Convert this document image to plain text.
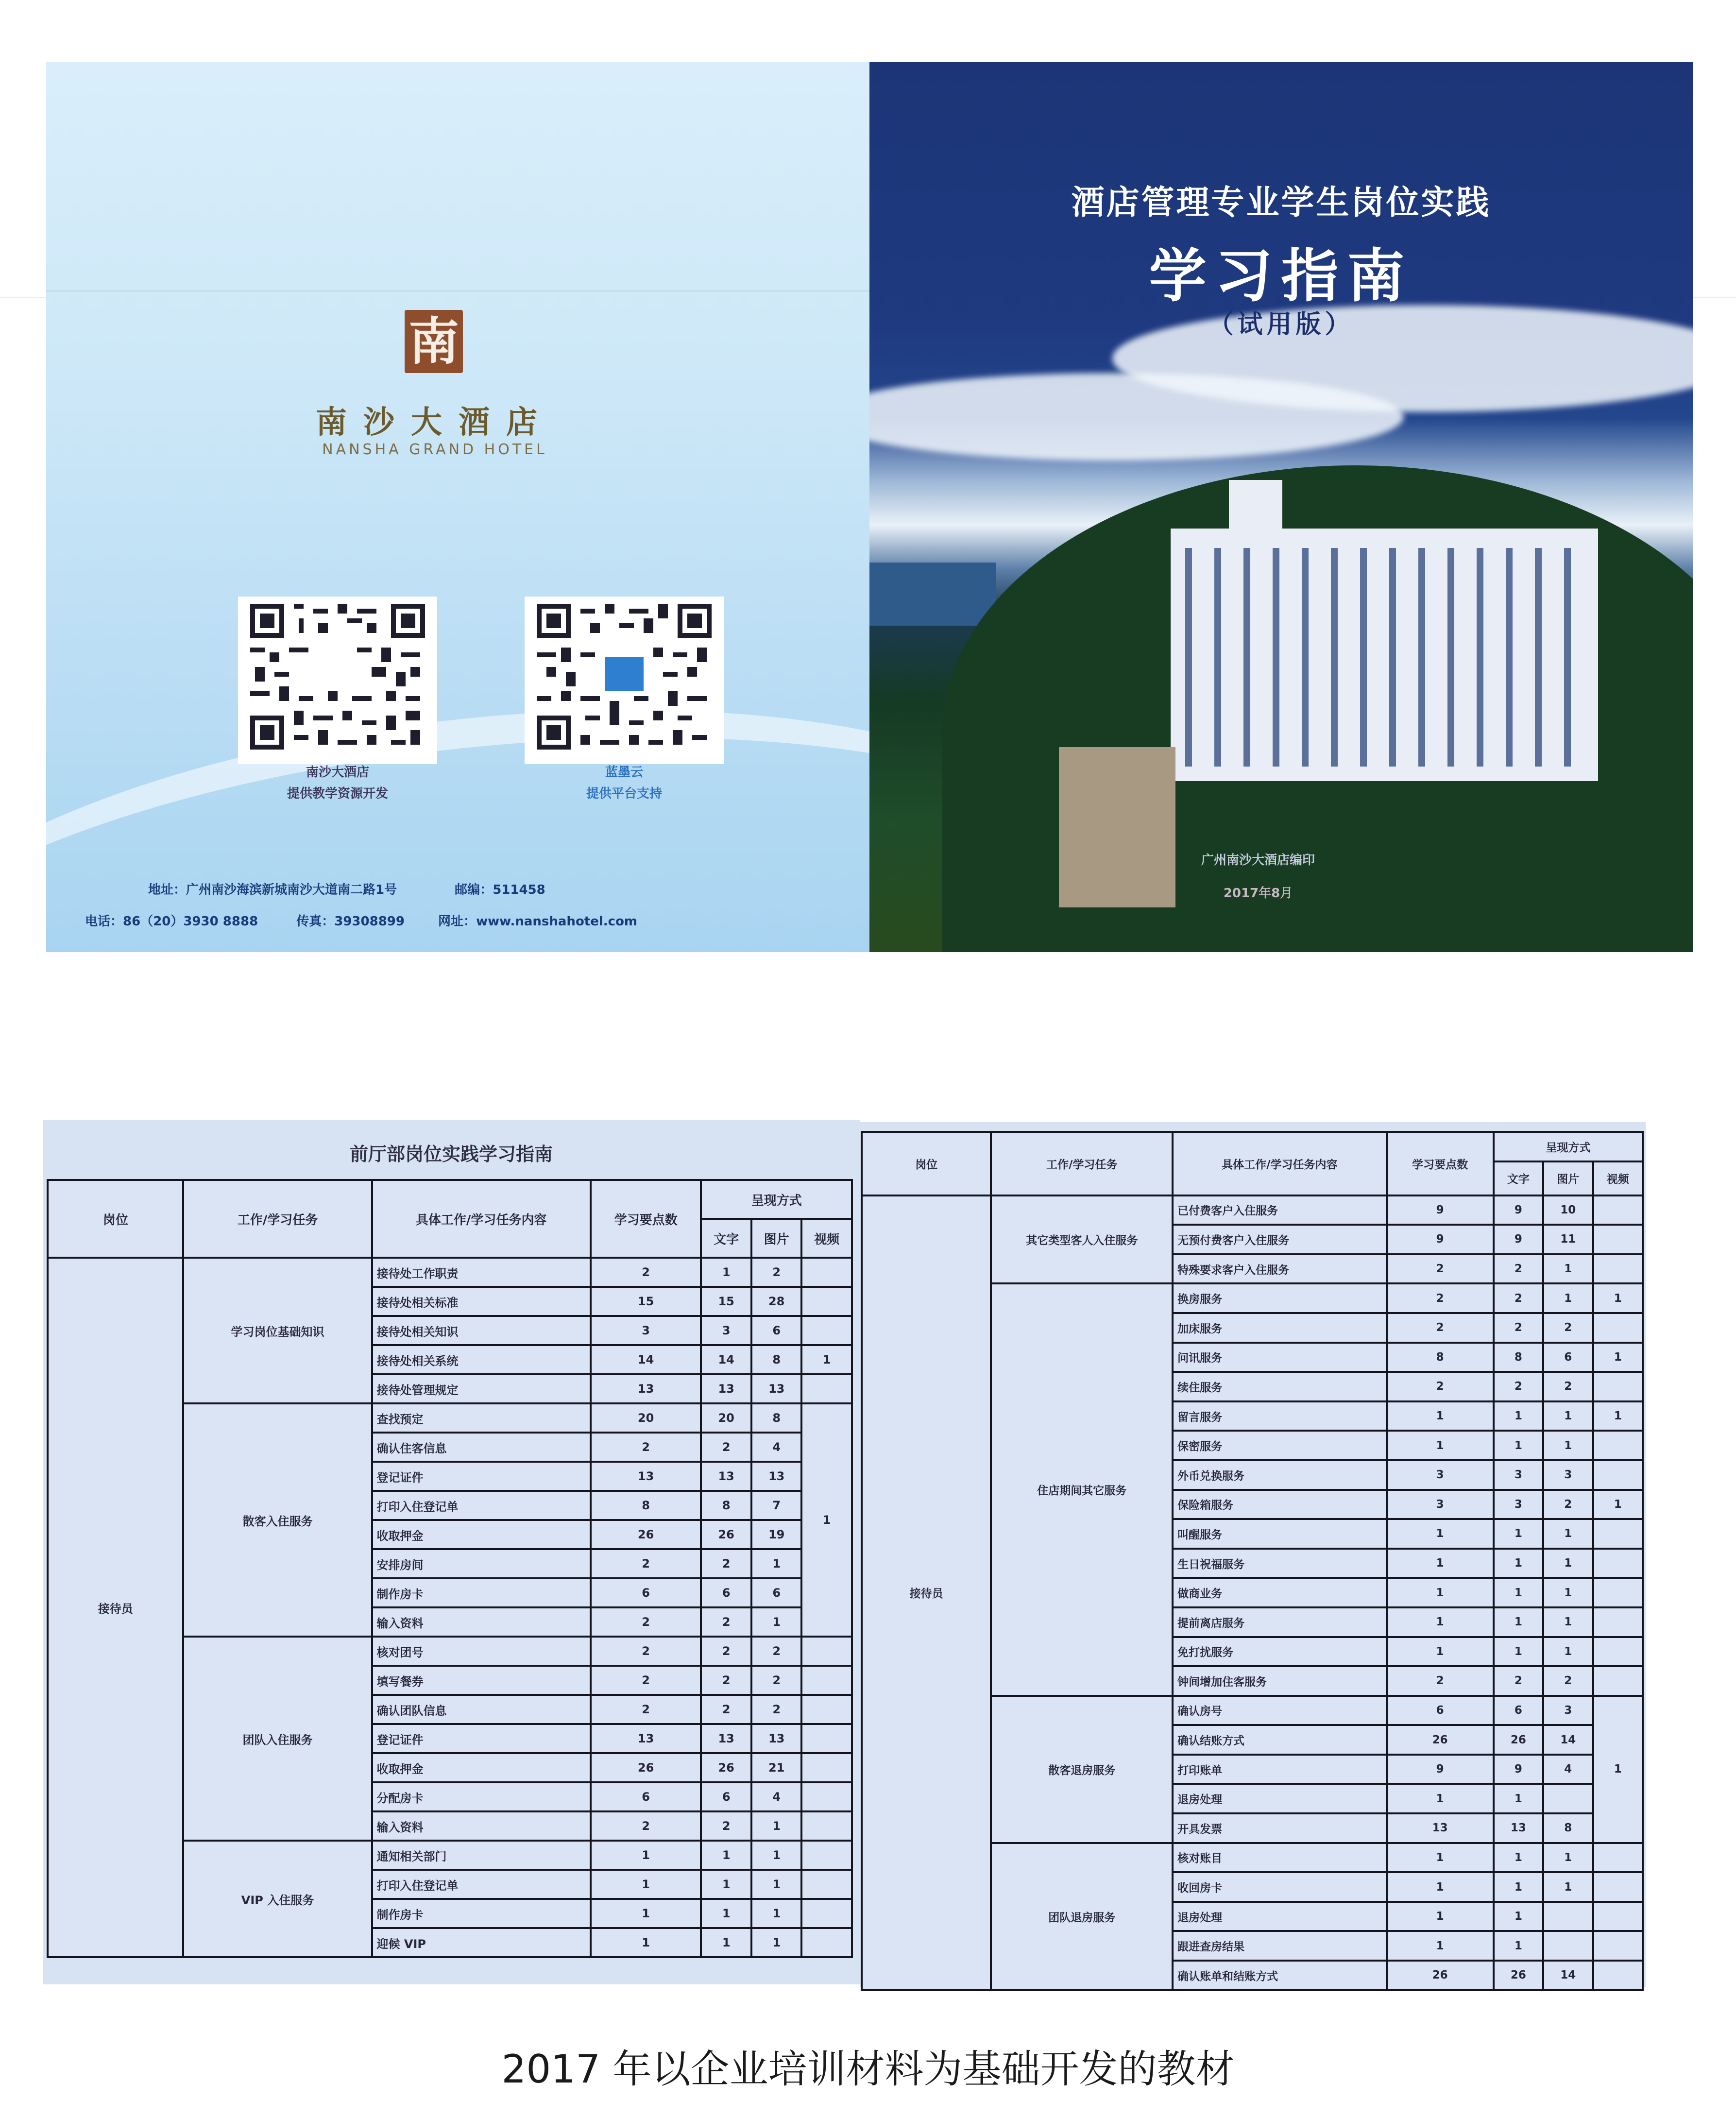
南
南沙大酒店
NANSHA GRAND HOTEL
南沙大酒店
提供教学资源开发
蓝墨云
提供平台支持
地址：广州南沙海滨新城南沙大道南二路1号	邮编：511458
电话：86（20）3930 8888	传真：39308899	网址：www.nanshahotel.com
酒店管理专业学生岗位实践
学习指南
（试用版）
广州南沙大酒店编印
2017年8月
前厅部岗位实践学习指南
岗位	工作/学习任务	具体工作/学习任务内容	学习要点数	呈现方式		
				文字	图片	视频
接待员	学习岗位基础知识	接待处工作职责	2	1	2	
		接待处相关标准	15	15	28	
		接待处相关知识	3	3	6	
		接待处相关系统	14	14	8	1
		接待处管理规定	13	13	13	
	散客入住服务	查找预定	20	20	8	1
		确认住客信息	2	2	4	
		登记证件	13	13	13	
		打印入住登记单	8	8	7	
		收取押金	26	26	19	
		安排房间	2	2	1	
		制作房卡	6	6	6	
		输入资料	2	2	1	
	团队入住服务	核对团号	2	2	2	
		填写餐券	2	2	2	
		确认团队信息	2	2	2	
		登记证件	13	13	13	
		收取押金	26	26	21	
		分配房卡	6	6	4	
		输入资料	2	2	1	
	VIP 入住服务	通知相关部门	1	1	1	
		打印入住登记单	1	1	1	
		制作房卡	1	1	1	
		迎候 VIP	1	1	1	
岗位	工作/学习任务	具体工作/学习任务内容	学习要点数	呈现方式		
				文字	图片	视频
接待员	其它类型客人入住服务	已付费客户入住服务	9	9	10	
		无预付费客户入住服务	9	9	11	
		特殊要求客户入住服务	2	2	1	
	住店期间其它服务	换房服务	2	2	1	1
		加床服务	2	2	2	
		问讯服务	8	8	6	1
		续住服务	2	2	2	
		留言服务	1	1	1	1
		保密服务	1	1	1	
		外币兑换服务	3	3	3	
		保险箱服务	3	3	2	1
		叫醒服务	1	1	1	
		生日祝福服务	1	1	1	
		做商业务	1	1	1	
		提前离店服务	1	1	1	
		免打扰服务	1	1	1	
		钟间增加住客服务	2	2	2	
	散客退房服务	确认房号	6	6	3	1
		确认结账方式	26	26	14	
		打印账单	9	9	4	
		退房处理	1	1		
		开具发票	13	13	8	
	团队退房服务	核对账目	1	1	1	
		收回房卡	1	1	1	
		退房处理	1	1		
		跟进查房结果	1	1		
		确认账单和结账方式	26	26	14	
2017 年以企业培训材料为基础开发的教材
